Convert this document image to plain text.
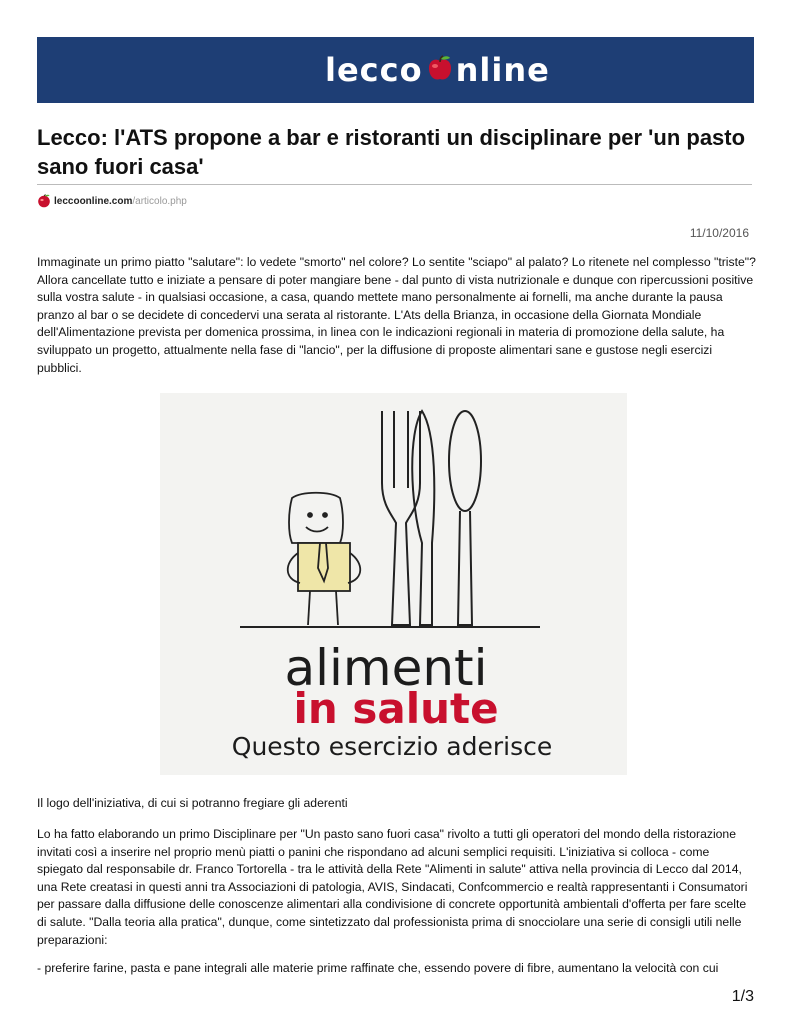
lecco nline
Lecco: l'ATS propone a bar e ristoranti un disciplinare per 'un pasto sano fuori casa'
leccoonline.com /articolo.php
11/10/2016

Immaginate un primo piatto "salutare": lo vedete "smorto" nel colore? Lo sentite "sciapo" al palato? Lo ritenete nel complesso "triste"? Allora cancellate tutto e iniziate a pensare di poter mangiare bene - dal punto di vista nutrizionale e dunque con ripercussioni positive sulla vostra salute - in qualsiasi occasione, a casa, quando mettete mano personalmente ai fornelli, ma anche durante la pausa pranzo al bar o se decidete di concedervi una serata al ristorante. L'Ats della Brianza, in occasione della Giornata Mondiale dell'Alimentazione prevista per domenica prossima, in linea con le indicazioni regionali in materia di promozione della salute, ha sviluppato un progetto, attualmente nella fase di "lancio", per la diffusione di proposte alimentari sane e gustose negli esercizi pubblici.

alimenti
in salute
Questo esercizio aderisce

Il logo dell'iniziativa, di cui si potranno fregiare gli aderenti

Lo ha fatto elaborando un primo Disciplinare per "Un pasto sano fuori casa" rivolto a tutti gli operatori del mondo della ristorazione invitati così a inserire nel proprio menù piatti o panini che rispondano ad alcuni semplici requisiti. L'iniziativa si colloca - come spiegato dal responsabile dr. Franco Tortorella - tra le attività della Rete "Alimenti in salute" attiva nella provincia di Lecco dal 2014, una Rete creatasi in questi anni tra Associazioni di patologia, AVIS, Sindacati, Confcommercio e realtà rappresentanti i Consumatori per passare dalla diffusione delle conoscenze alimentari alla condivisione di concrete opportunità ambientali d'offerta per fare scelte di salute. "Dalla teoria alla pratica", dunque, come sintetizzato dal professionista prima di snocciolare una serie di consigli utili nelle preparazioni:

- preferire farine, pasta e pane integrali alle materie prime raffinate che, essendo povere di fibre, aumentano la velocità con cui

1/3
